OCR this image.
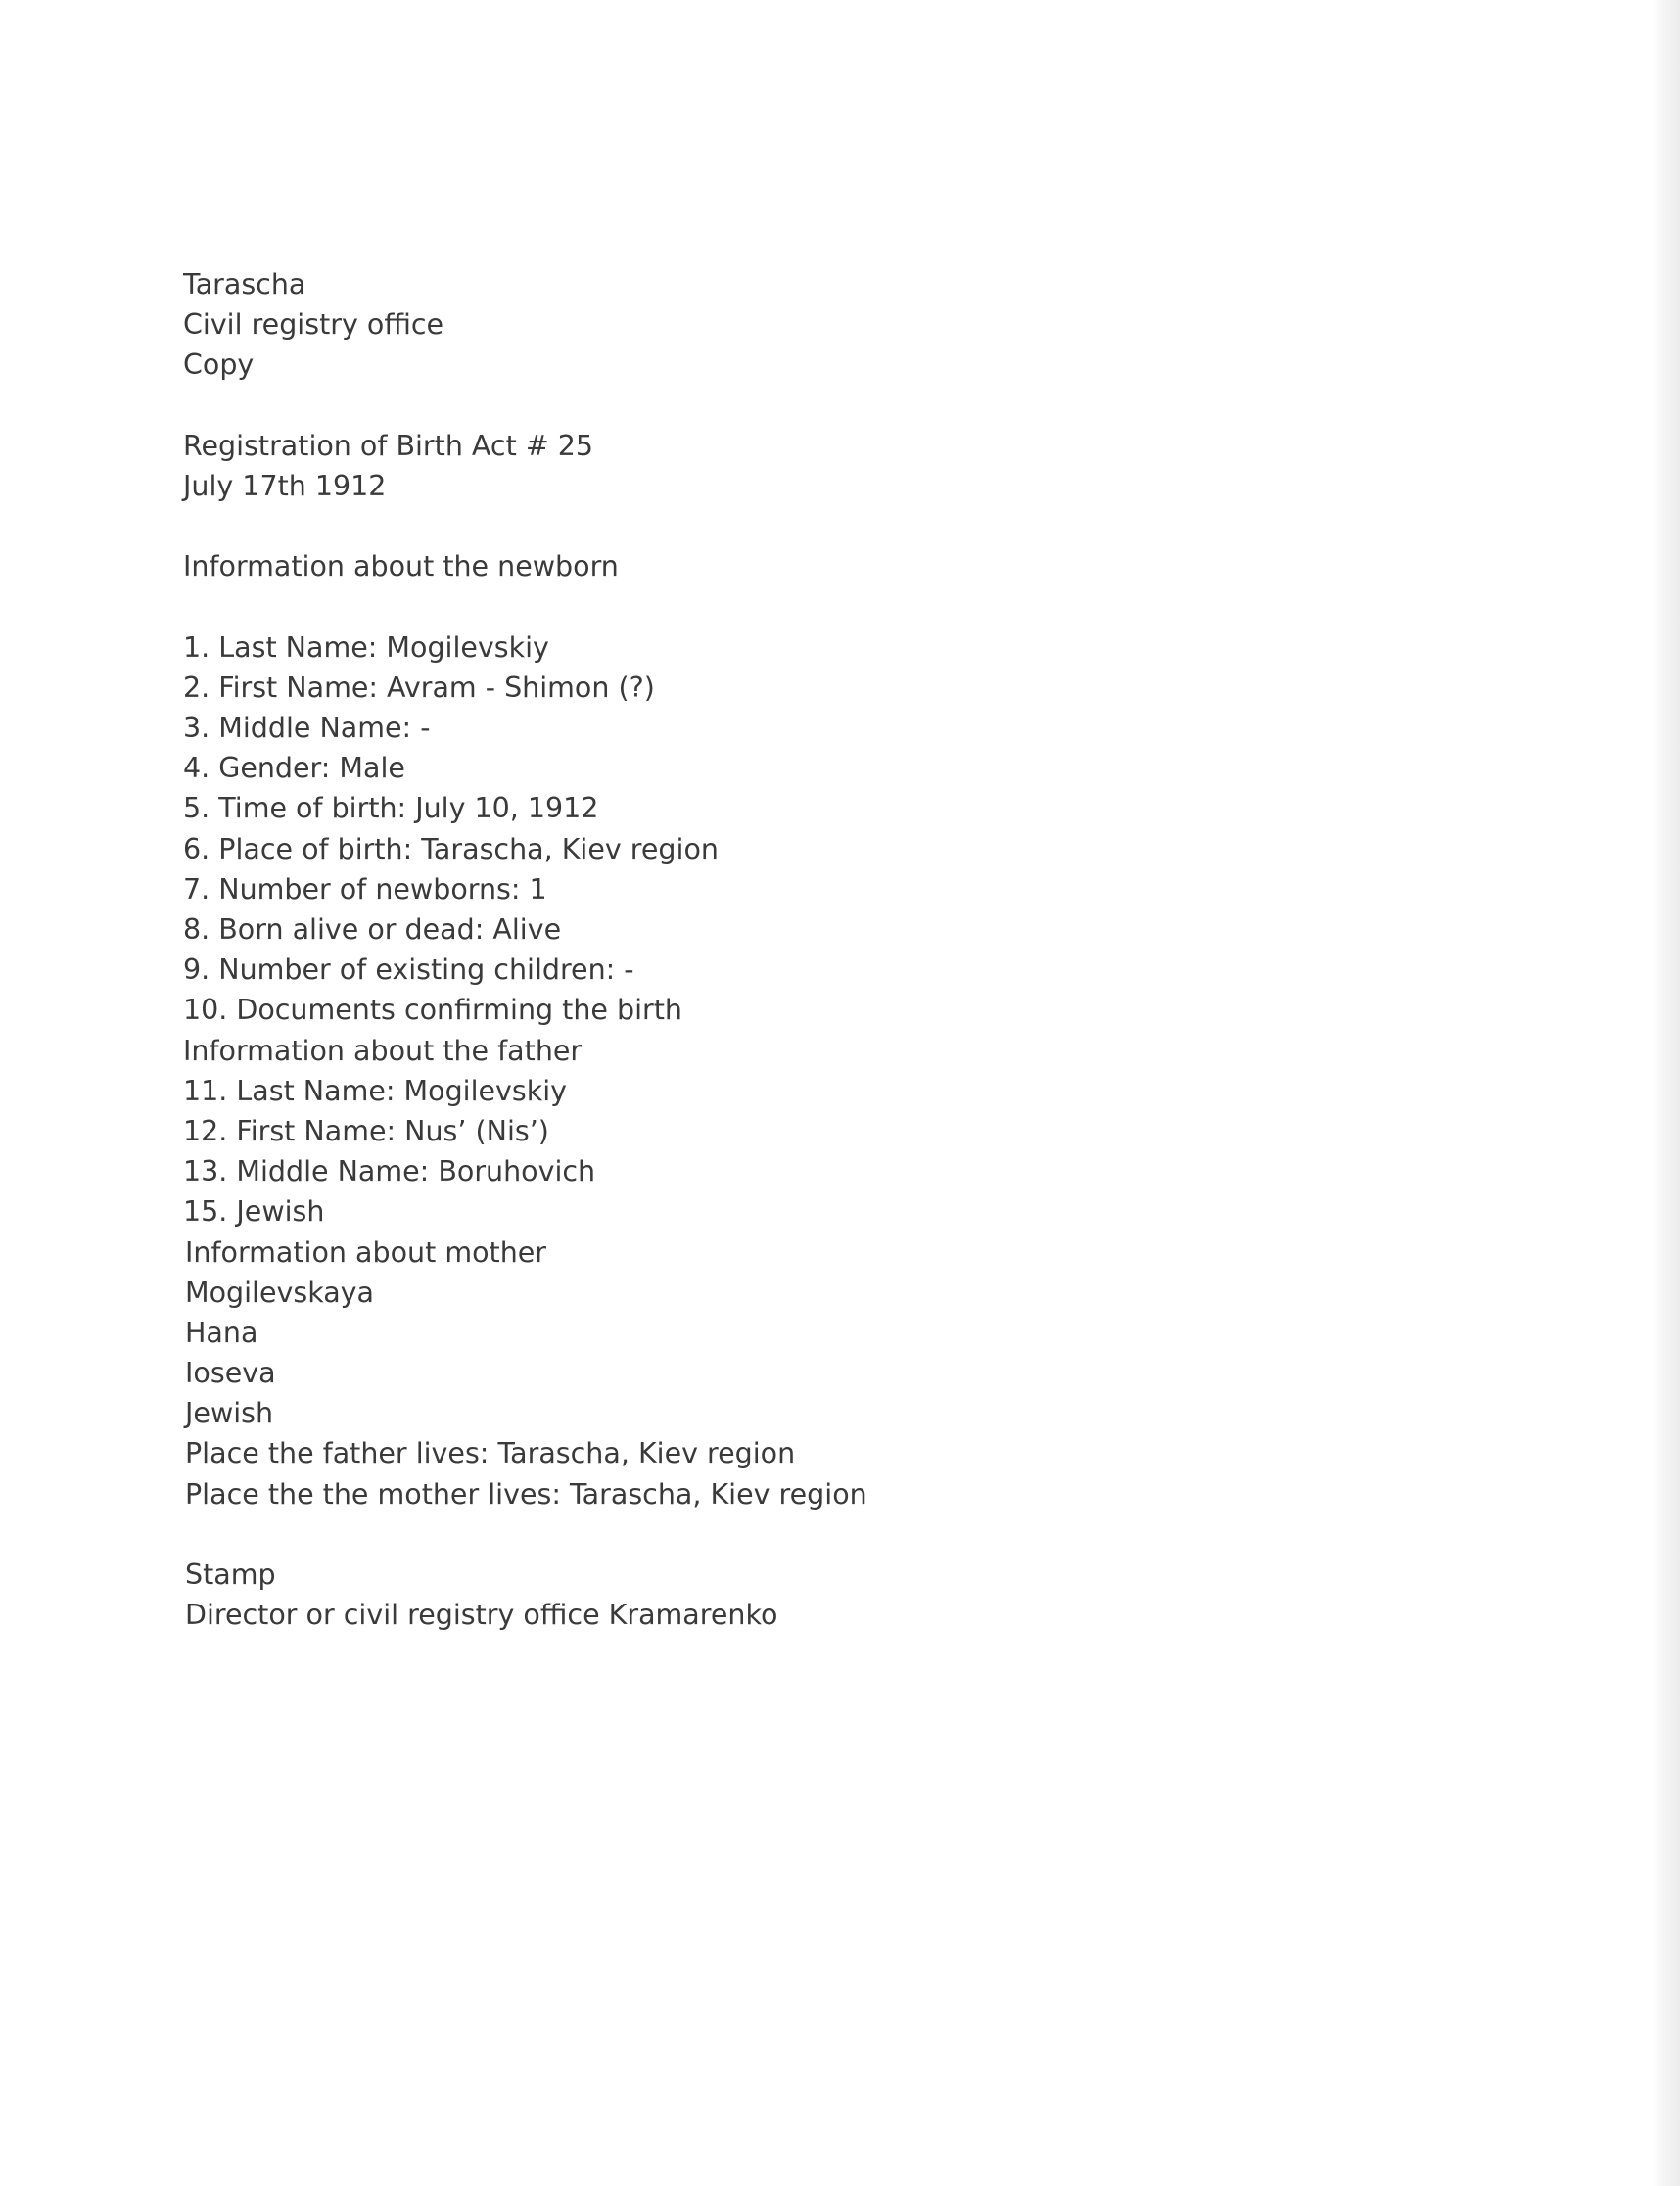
Tarascha
Civil registry office
Copy
Registration of Birth Act # 25
July 17th 1912
Information about the newborn
1. Last Name: Mogilevskiy
2. First Name: Avram - Shimon (?)
3. Middle Name: -
4. Gender: Male
5. Time of birth: July 10, 1912
6. Place of birth: Tarascha, Kiev region
7. Number of newborns: 1
8. Born alive or dead: Alive
9. Number of existing children: -
10. Documents confirming the birth
Information about the father
11. Last Name: Mogilevskiy
12. First Name: Nus’ (Nis’)
13. Middle Name: Boruhovich
15. Jewish
Information about mother
Mogilevskaya
Hana
Ioseva
Jewish
Place the father lives: Tarascha, Kiev region
Place the the mother lives: Tarascha, Kiev region
Stamp
Director or civil registry office Kramarenko
